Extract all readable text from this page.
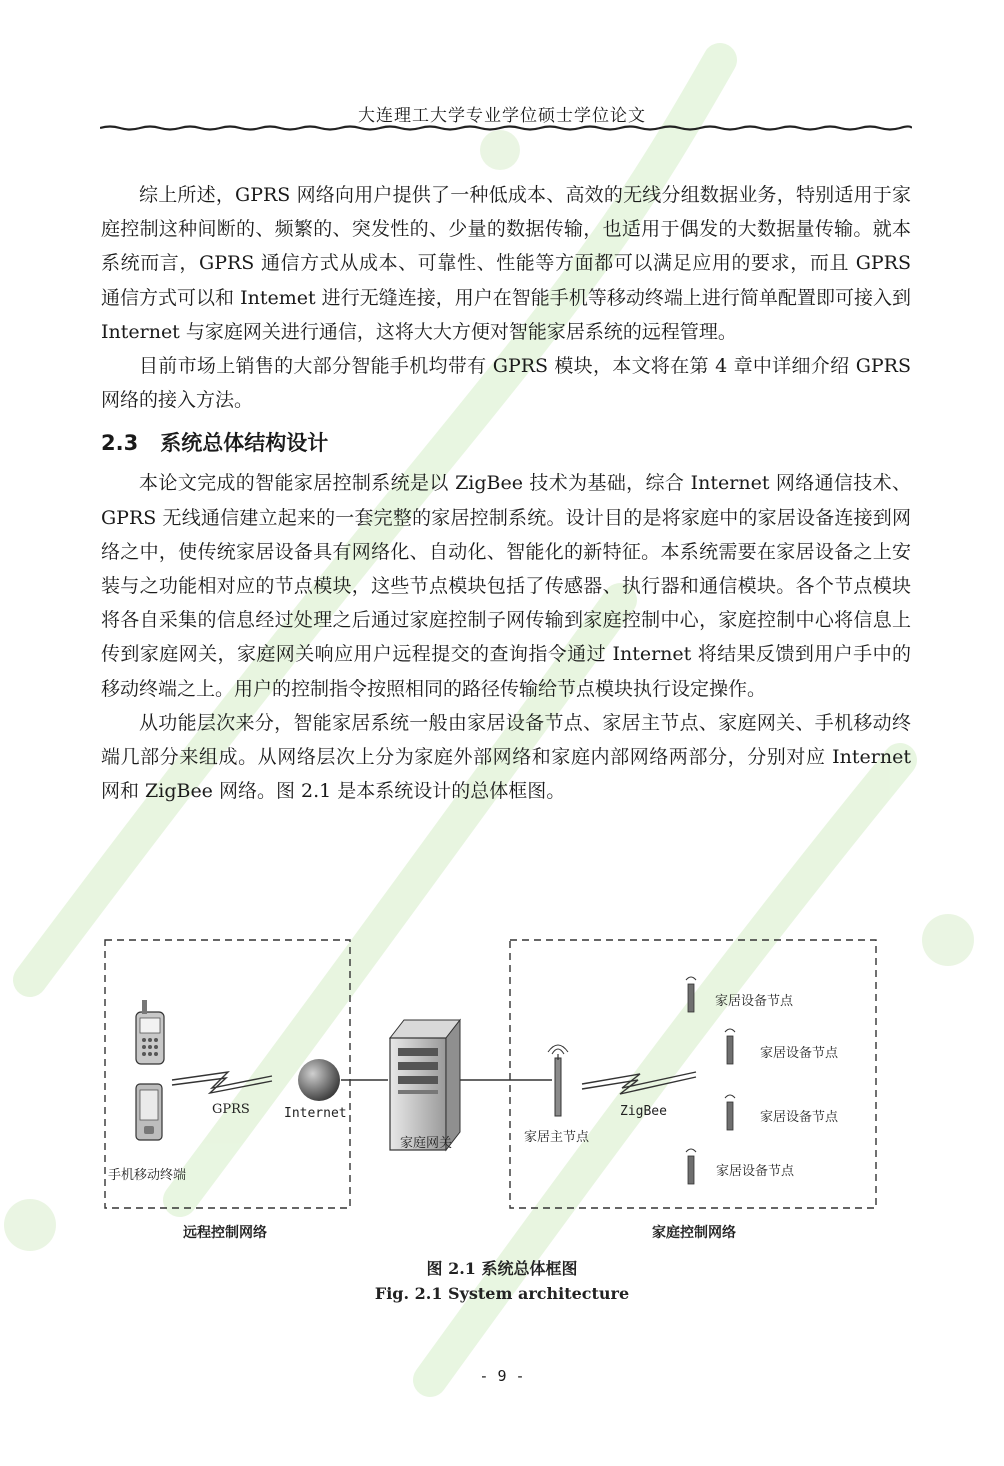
大连理工大学专业学位硕士学位论文

综上所述，GPRS 网络向用户提供了一种低成本、高效的无线分组数据业务，特别适用于家庭控制这种间断的、频繁的、突发性的、少量的数据传输，也适用于偶发的大数据量传输。就本系统而言，GPRS 通信方式从成本、可靠性、性能等方面都可以满足应用的要求，而且 GPRS 通信方式可以和 Intemet 进行无缝连接，用户在智能手机等移动终端上进行简单配置即可接入到 Internet 与家庭网关进行通信，这将大大方便对智能家居系统的远程管理。

目前市场上销售的大部分智能手机均带有 GPRS 模块，本文将在第 4 章中详细介绍 GPRS 网络的接入方法。

2.3 系统总体结构设计

本论文完成的智能家居控制系统是以 ZigBee 技术为基础，综合 Internet 网络通信技术、GPRS 无线通信建立起来的一套完整的家居控制系统。设计目的是将家庭中的家居设备连接到网络之中，使传统家居设备具有网络化、自动化、智能化的新特征。本系统需要在家居设备之上安装与之功能相对应的节点模块，这些节点模块包括了传感器、执行器和通信模块。各个节点模块将各自采集的信息经过处理之后通过家庭控制子网传输到家庭控制中心，家庭控制中心将信息上传到家庭网关，家庭网关响应用户远程提交的查询指令通过 Internet 将结果反馈到用户手中的移动终端之上。用户的控制指令按照相同的路径传输给节点模块执行设定操作。

从功能层次来分，智能家居系统一般由家居设备节点、家居主节点、家庭网关、手机移动终端几部分来组成。从网络层次上分为家庭外部网络和家庭内部网络两部分，分别对应 Internet 网和 ZigBee 网络。图 2.1 是本系统设计的总体框图。

GPRS	Internet
手机移动终端
家庭网关	家居主节点
ZigBee
家居设备节点
家居设备节点
家居设备节点
家居设备节点
远程控制网络	家庭控制网络
图 2.1 系统总体框图
Fig. 2.1 System architecture
- 9 -
